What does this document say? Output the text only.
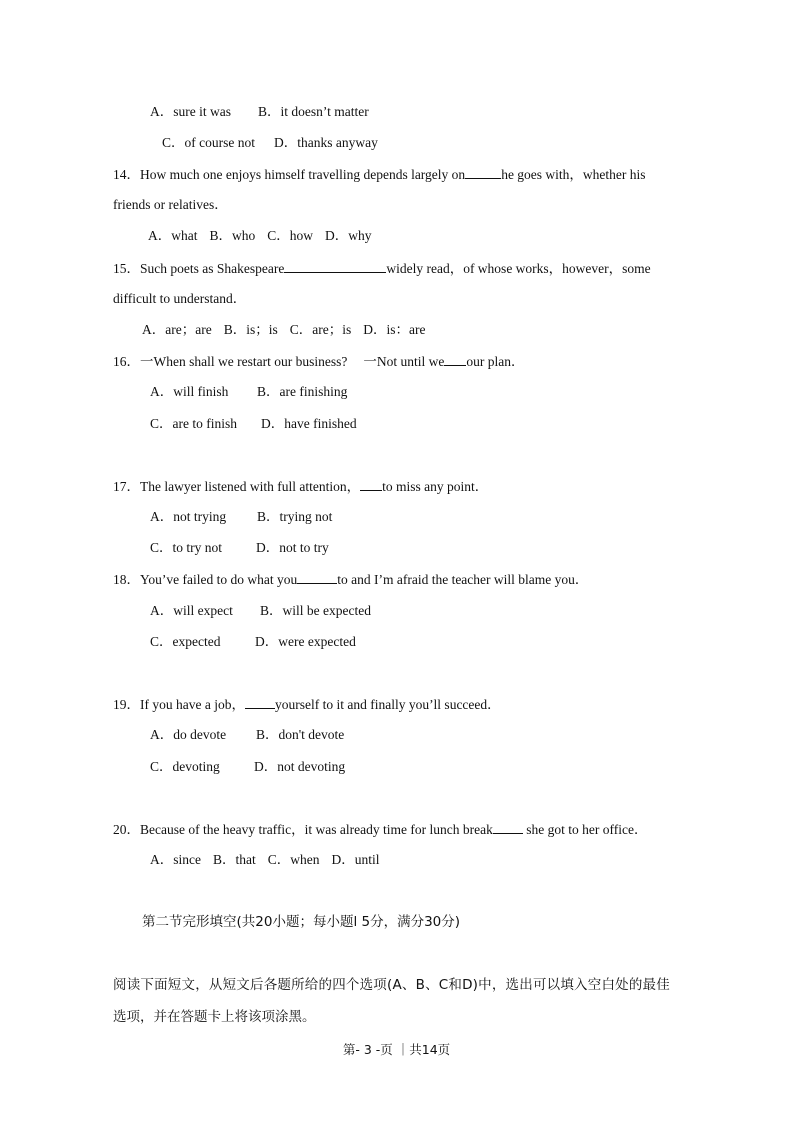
A．sure it was B．it doesn’t matter
C．of course not D．thanks anyway
14．How much one enjoys himself travelling depends largely on	he goes with，whether his
friends or relatives．
A．what B．who C．how D．why
15．Such poets as Shakespeare	widely read，of whose works，however，some
difficult to understand．
A．are；are B．is；is C．are；is D．is：are
16．一When shall we restart our business? 一Not until we our plan．
A．will finish B．are finishing
C．are to finish D．have finished
17．The lawyer listened with full attention， to miss any point．
A．not trying B．trying not
C．to try not	D．not to try
18．You’ve failed to do what you	to and I’m afraid the teacher will blame you．
A．will expect B．will be expected
C．expected	D．were expected
19．If you have a job， yourself to it and finally you’ll succeed．
A．do devote B．don't devote
C．devoting	D．not devoting
20．Because of the heavy traffic，it was already time for lunch break she got to her office．
A．since B．that C．when D．until
第二节完形填空(共20小题；每小题l 5分，满分30分)
阅读下面短文，从短文后各题所给的四个选项(A、B、C和D)中，选出可以填入空白处的最佳
选项，并在答题卡上将该项涂黑。
第- 3 -页 ｜共14页
